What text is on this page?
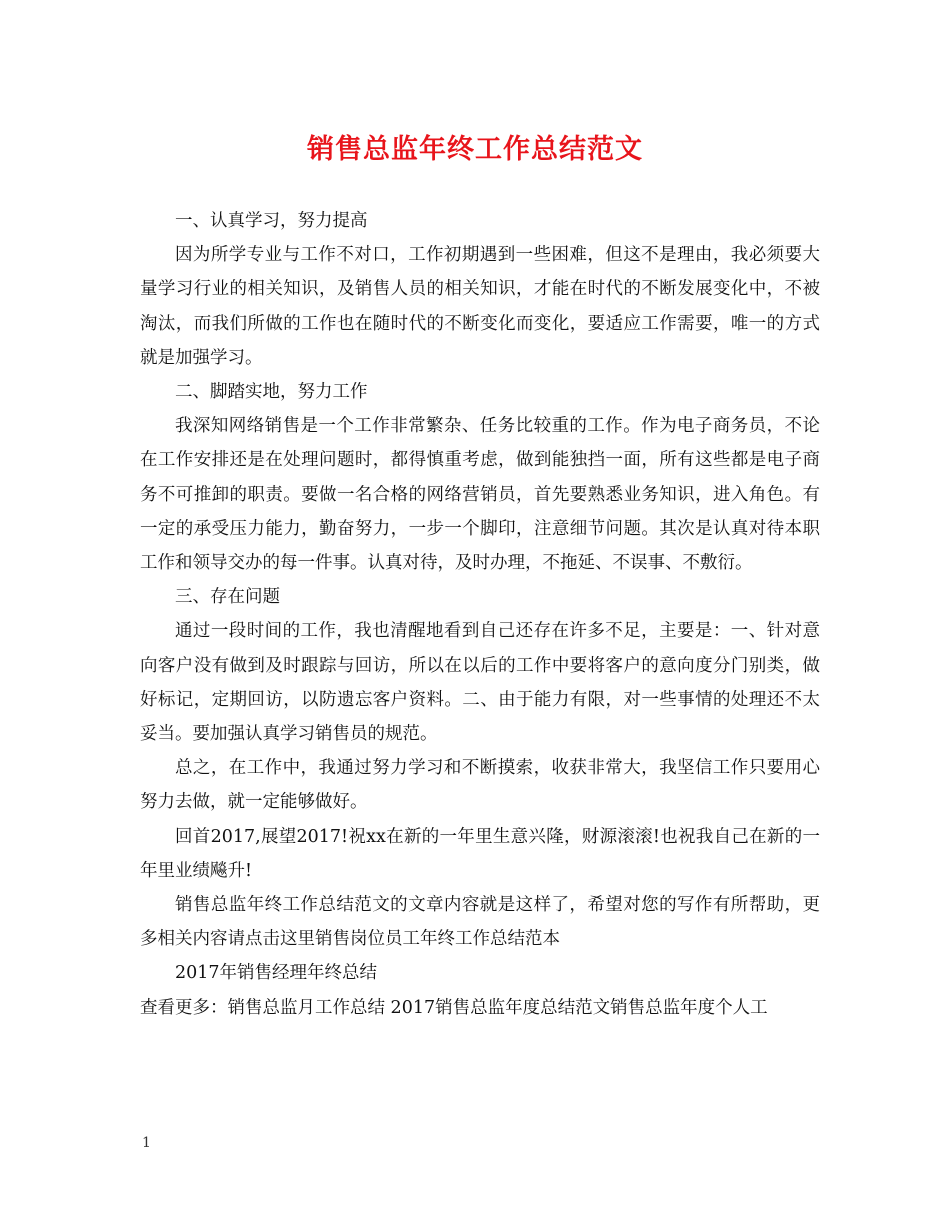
销售总监年终工作总结范文

一、认真学习，努力提高

因为所学专业与工作不对口，工作初期遇到一些困难，但这不是理由，我必须要大量学习行业的相关知识，及销售人员的相关知识，才能在时代的不断发展变化中，不被淘汰，而我们所做的工作也在随时代的不断变化而变化，要适应工作需要，唯一的方式就是加强学习。

二、脚踏实地，努力工作

我深知网络销售是一个工作非常繁杂、任务比较重的工作。作为电子商务员，不论在工作安排还是在处理问题时，都得慎重考虑，做到能独挡一面，所有这些都是电子商务不可推卸的职责。要做一名合格的网络营销员，首先要熟悉业务知识，进入角色。有一定的承受压力能力，勤奋努力，一步一个脚印，注意细节问题。其次是认真对待本职工作和领导交办的每一件事。认真对待，及时办理，不拖延、不误事、不敷衍。

三、存在问题

通过一段时间的工作，我也清醒地看到自己还存在许多不足，主要是：一、针对意向客户没有做到及时跟踪与回访，所以在以后的工作中要将客户的意向度分门别类，做好标记，定期回访，以防遗忘客户资料。二、由于能力有限，对一些事情的处理还不太妥当。要加强认真学习销售员的规范。

总之，在工作中，我通过努力学习和不断摸索，收获非常大，我坚信工作只要用心努力去做，就一定能够做好。

回首2017,展望2017!祝xx在新的一年里生意兴隆，财源滚滚!也祝我自己在新的一年里业绩飚升!

销售总监年终工作总结范文的文章内容就是这样了，希望对您的写作有所帮助，更多相关内容请点击这里销售岗位员工年终工作总结范本

2017年销售经理年终总结

查看更多：销售总监月工作总结 2017销售总监年度总结范文销售总监年度个人工

1
